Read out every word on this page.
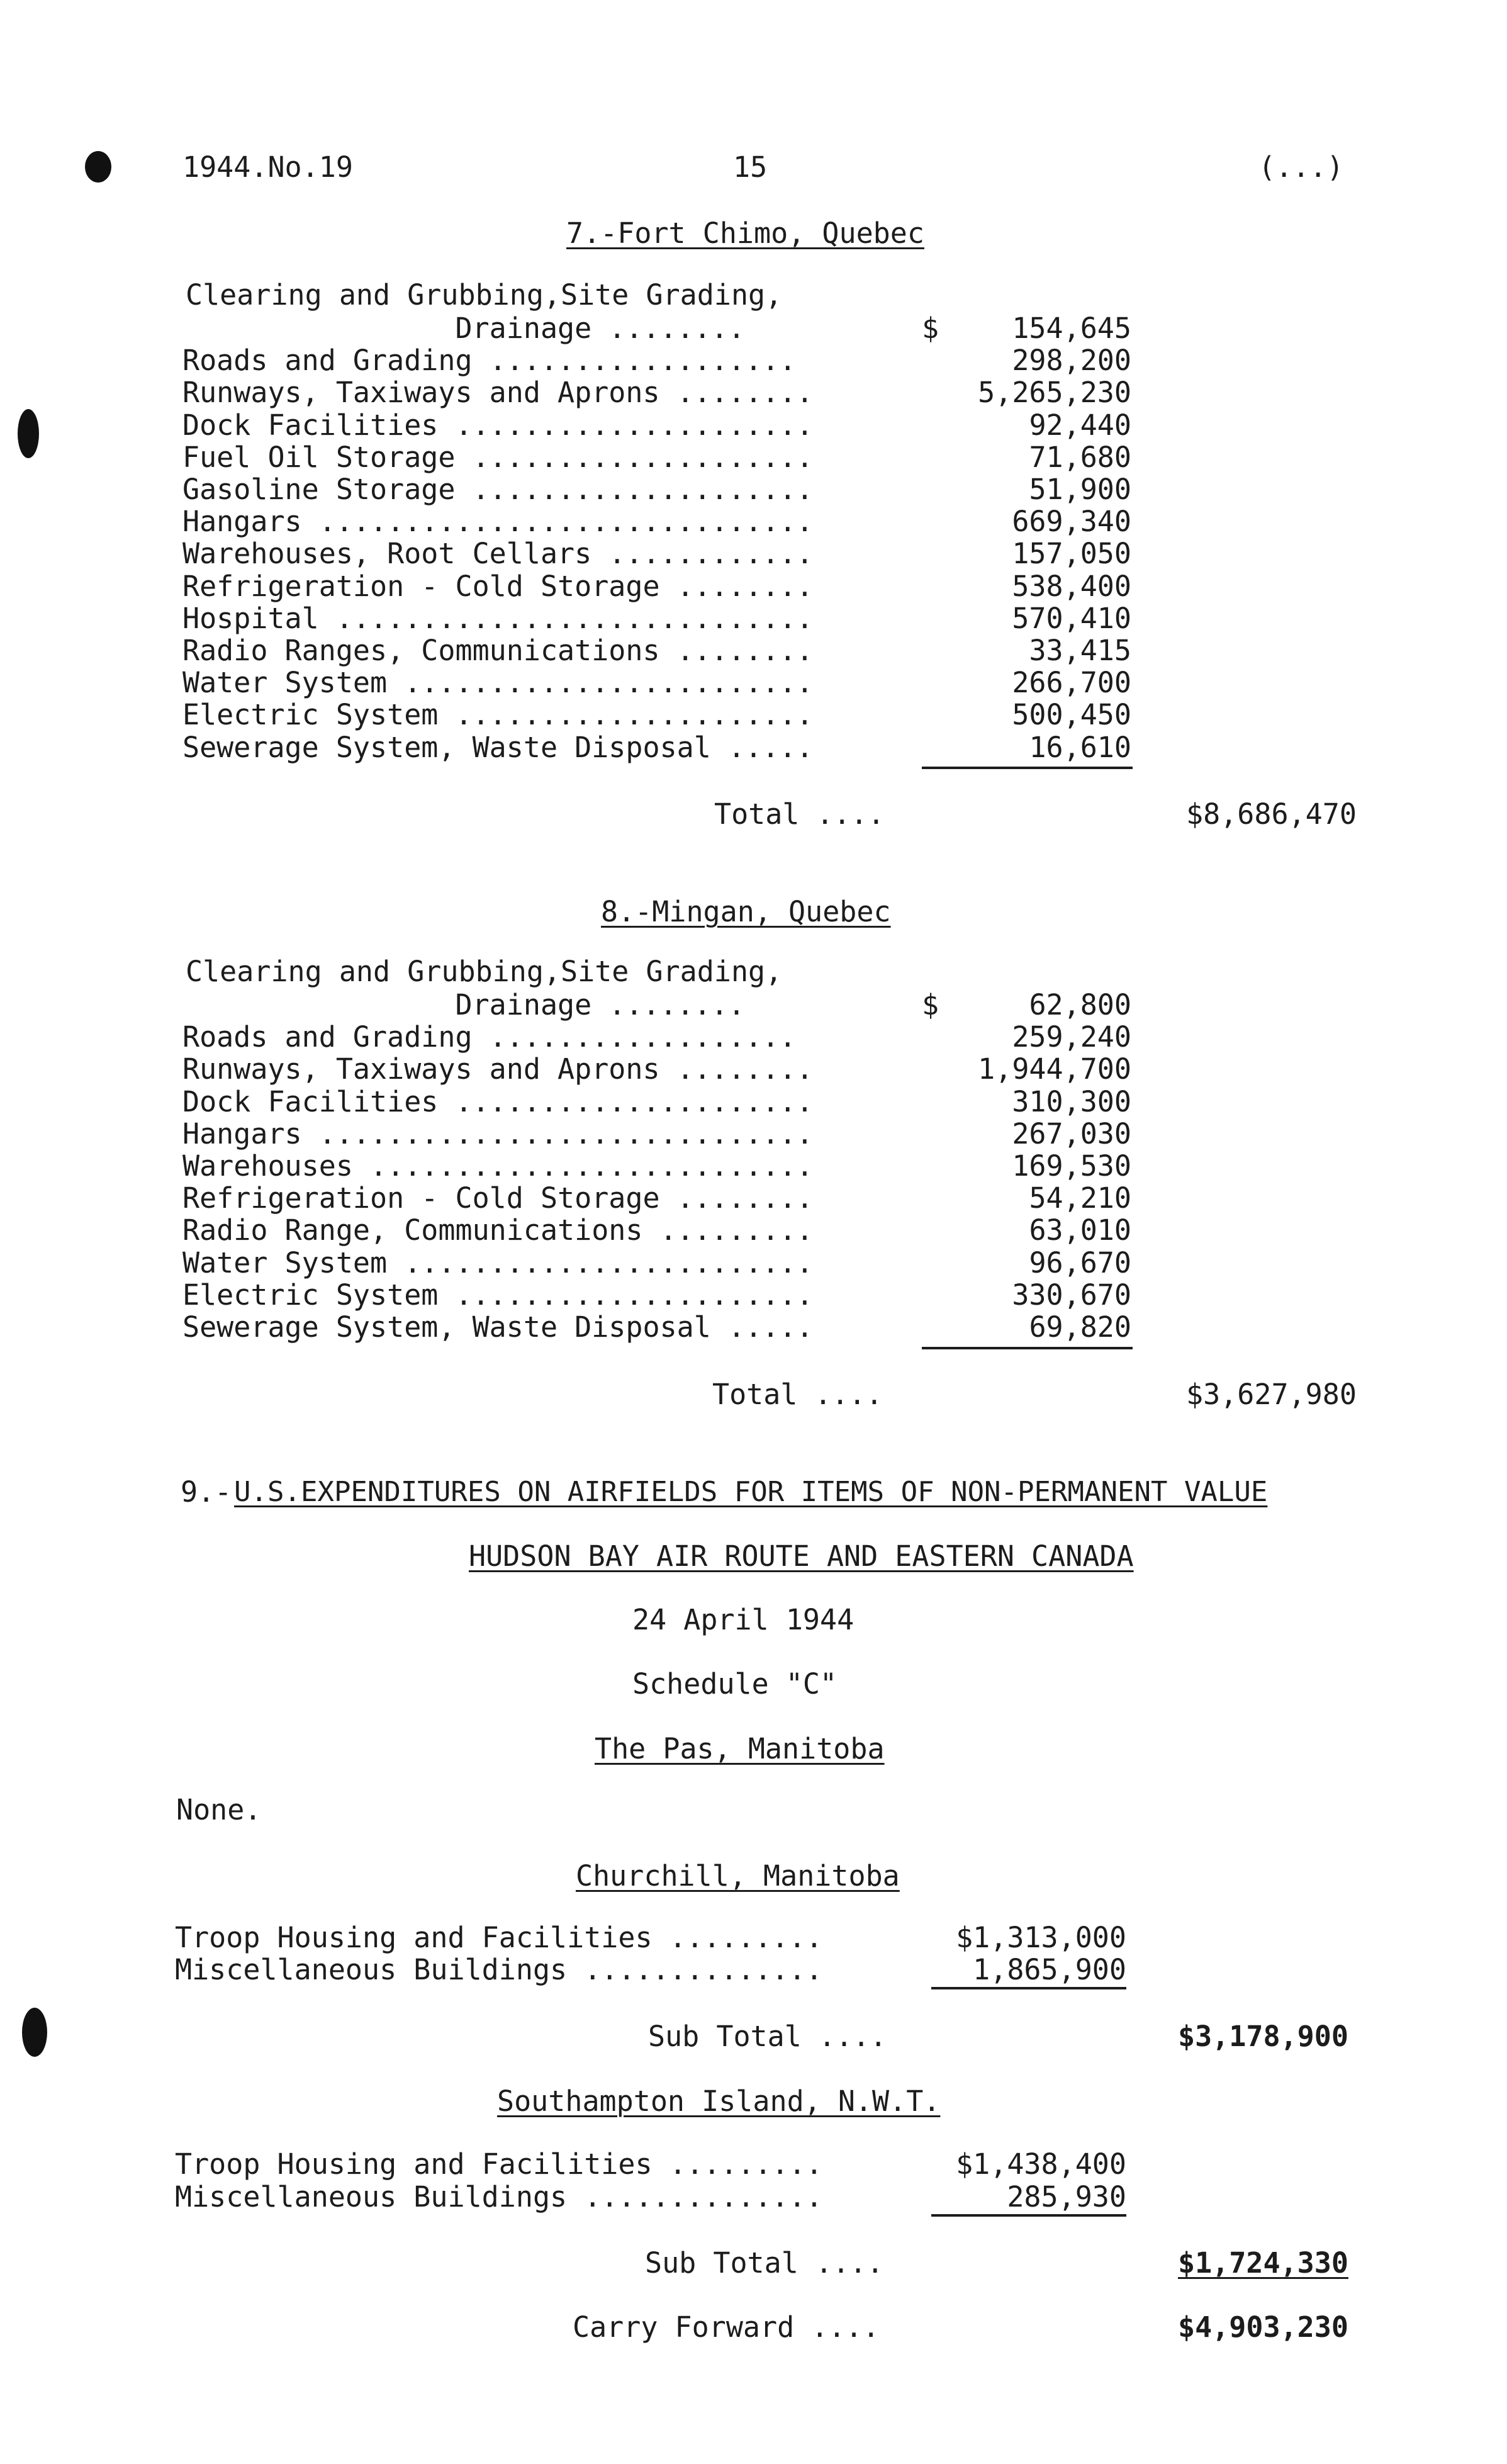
1944.No.19	15	(...)
7.-Fort Chimo, Quebec
Clearing and Grubbing,Site Grading,
Drainage ........	$	154,645
Roads and Grading ..................	298,200
Runways, Taxiways and Aprons ........	5,265,230
Dock Facilities .....................	92,440
Fuel Oil Storage ....................	71,680
Gasoline Storage ....................	51,900
Hangars .............................	669,340
Warehouses, Root Cellars ............	157,050
Refrigeration - Cold Storage ........	538,400
Hospital ............................	570,410
Radio Ranges, Communications ........	33,415
Water System ........................	266,700
Electric System .....................	500,450
Sewerage System, Waste Disposal .....	16,610
Total ....	$8,686,470
8.-Mingan, Quebec
Clearing and Grubbing,Site Grading,
Drainage ........	$	62,800
Roads and Grading ..................	259,240
Runways, Taxiways and Aprons ........	1,944,700
Dock Facilities .....................	310,300
Hangars .............................	267,030
Warehouses ..........................	169,530
Refrigeration - Cold Storage ........	54,210
Radio Range, Communications .........	63,010
Water System ........................	96,670
Electric System .....................	330,670
Sewerage System, Waste Disposal .....	69,820
Total ....	$3,627,980
9.- U.S.EXPENDITURES ON AIRFIELDS FOR ITEMS OF NON-PERMANENT VALUE
HUDSON BAY AIR ROUTE AND EASTERN CANADA
24 April 1944
Schedule "C"
The Pas, Manitoba
None.
Churchill, Manitoba
Troop Housing and Facilities .........	$1,313,000
Miscellaneous Buildings ..............	1,865,900
Sub Total ....	$3,178,900
Southampton Island, N.W.T.
Troop Housing and Facilities .........	$1,438,400
Miscellaneous Buildings ..............	285,930
Sub Total ....	$1,724,330
Carry Forward ....	$4,903,230
